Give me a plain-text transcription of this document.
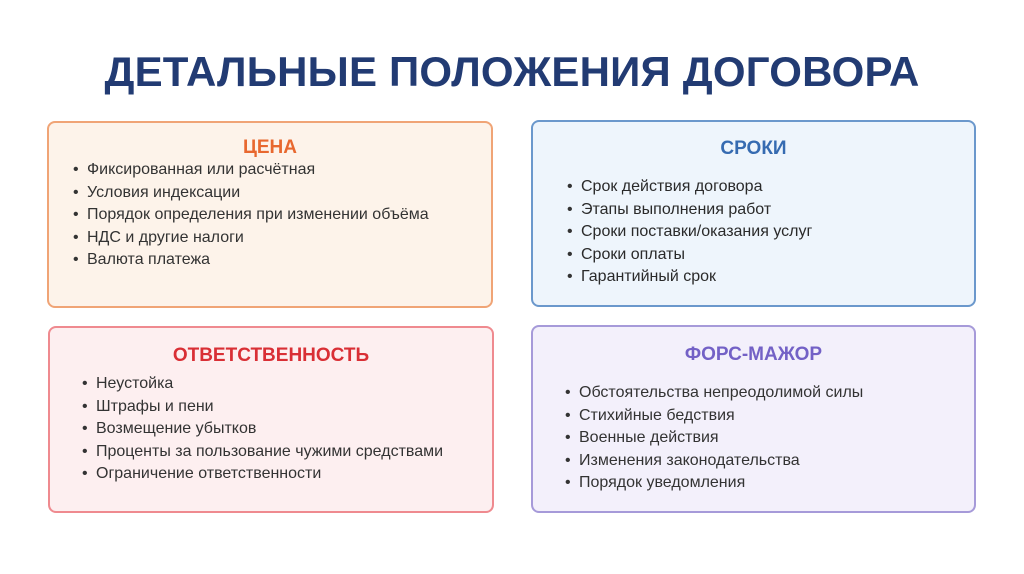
ДЕТАЛЬНЫЕ ПОЛОЖЕНИЯ ДОГОВОРА
ЦЕНА
• Фиксированная или расчётная
• Условия индексации
• Порядок определения при изменении объёма
• НДС и другие налоги
• Валюта платежа
СРОКИ
• Срок действия договора
• Этапы выполнения работ
• Сроки поставки/оказания услуг
• Сроки оплаты
• Гарантийный срок
ОТВЕТСТВЕННОСТЬ
• Неустойка
• Штрафы и пени
• Возмещение убытков
• Проценты за пользование чужими средствами
• Ограничение ответственности
ФОРС-МАЖОР
• Обстоятельства непреодолимой силы
• Стихийные бедствия
• Военные действия
• Изменения законодательства
• Порядок уведомления
